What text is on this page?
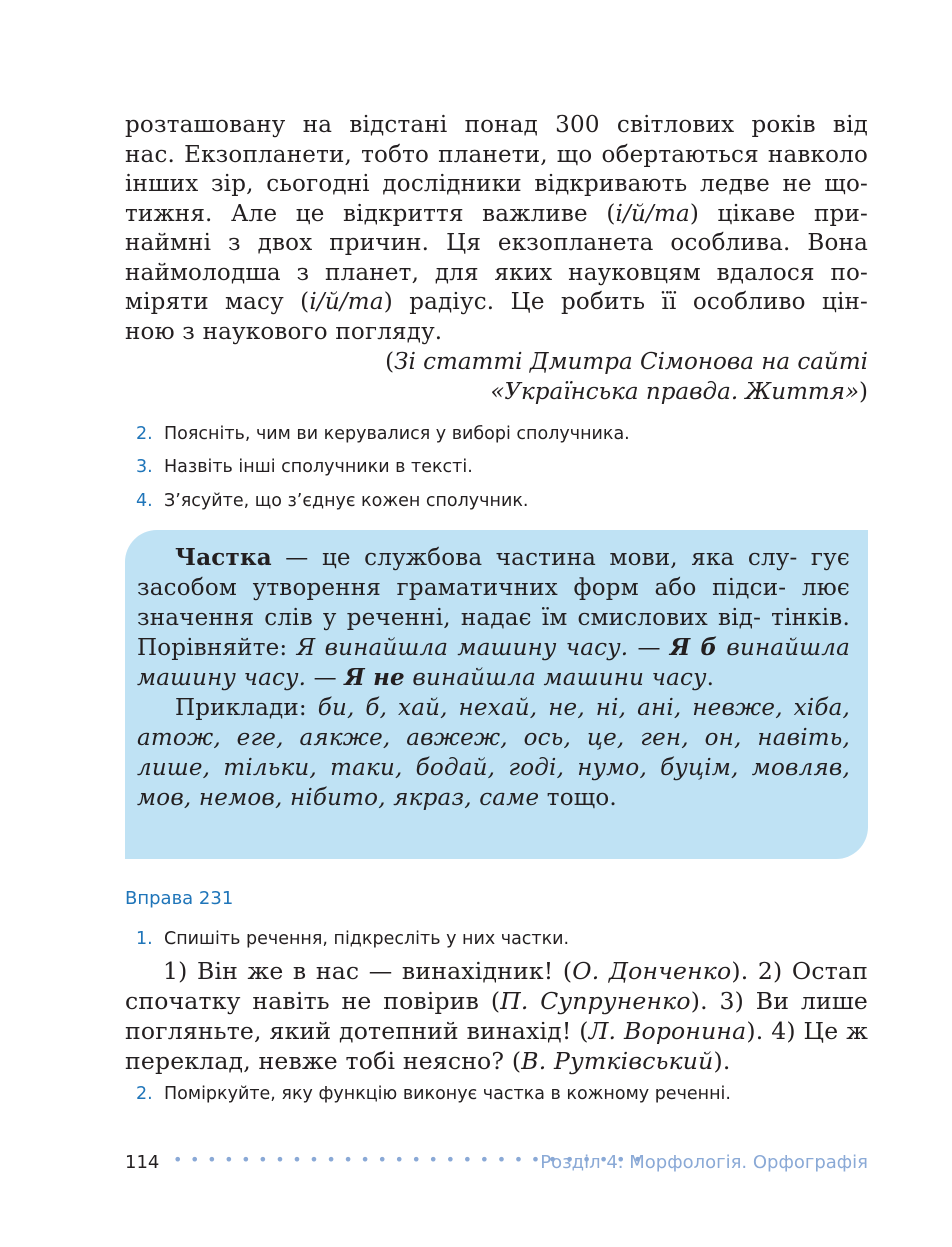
розташовану на відстані понад 300 світлових років від

нас. Екзопланети, тобто планети, що обертаються навколо

інших зір, сьогодні дослідники відкривають ледве не що-

тижня. Але це відкриття важливе (і/й/та) цікаве при-

наймні з двох причин. Ця екзопланета особлива. Вона

наймолодша з планет, для яких науковцям вдалося по-

міряти масу (і/й/та) радіус. Це робить її особливо цін-

ною з наукового погляду.

(Зі статті Дмитра Сімонова на сайті
«Українська правда. Життя»)
2. Поясніть, чим ви керувалися у виборі сполучника.
3. Назвіть інші сполучники в тексті.
4. З’ясуйте, що з’єднує кожен сполучник.

Частка — це службова частина мови, яка слу- гує засобом утворення граматичних форм або підси- лює значення слів у реченні, надає їм смислових від- тінків. Порівняйте: Я винайшла машину часу. — Я б винайшла машину часу. — Я не винайшла машини часу.

Приклади: би, б, хай, нехай, не, ні, ані, невже, хіба, атож, еге, аякже, авжеж, ось, це, ген, он, навіть, лише, тільки, таки, бодай, годі, нумо, буцім, мовляв, мов, немов, нібито, якраз, саме тощо.

Вправа 231
1. Спишіть речення, підкресліть у них частки.

1) Він же в нас — винахідник! (О. Донченко). 2) Остап

спочатку навіть не повірив (П. Супруненко). 3) Ви лише

погляньте, який дотепний винахід! (Л. Воронина). 4) Це ж

переклад, невже тобі неясно? (В. Рутківський).

2. Поміркуйте, яку функцію виконує частка в кожному реченні.
114 ••••••••••••••••••••••••••••
Розділ 4. Морфологія. Орфографія
